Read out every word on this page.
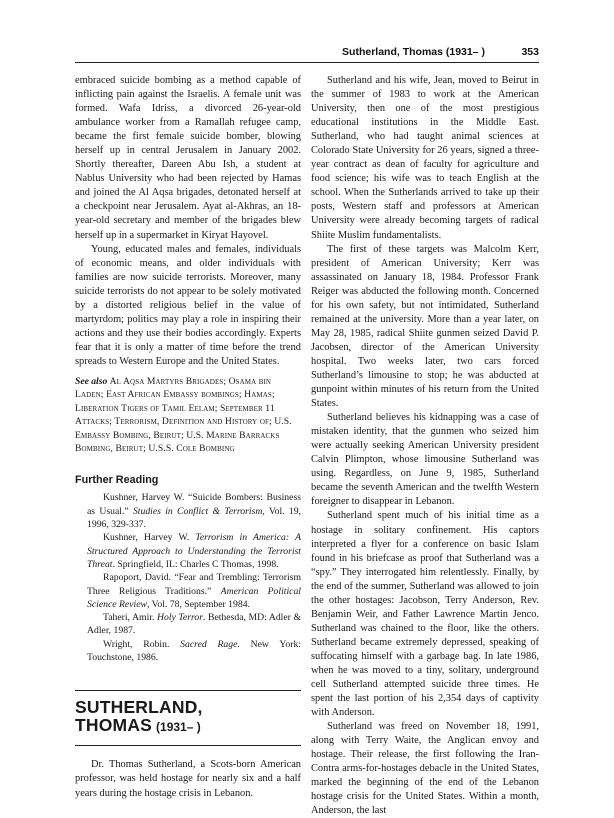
Sutherland, Thomas (1931– )	353

embraced suicide bombing as a method capable of inflicting pain against the Israelis. A female unit was formed. Wafa Idriss, a divorced 26-year-old ambulance worker from a Ramallah refugee camp, became the first female suicide bomber, blowing herself up in central Jerusalem in January 2002. Shortly thereafter, Dareen Abu Ish, a student at Nablus University who had been rejected by Hamas and joined the Al Aqsa brigades, detonated herself at a checkpoint near Jerusalem. Ayat al-Akhras, an 18-year-old secretary and member of the brigades blew herself up in a supermarket in Kiryat Hayovel.

Young, educated males and females, individuals of economic means, and older individuals with families are now suicide terrorists. Moreover, many suicide terrorists do not appear to be solely motivated by a distorted religious belief in the value of martyrdom; politics may play a role in inspiring their actions and they use their bodies accordingly. Experts fear that it is only a matter of time before the trend spreads to Western Europe and the United States.

See also Al Aqsa Martyrs Brigades; Osama bin Laden; East African Embassy bombings; Hamas; Liberation Tigers of Tamil Eelam; September 11 Attacks; Terrorism, Definition and History of; U.S. Embassy Bombing, Beirut; U.S. Marine Barracks Bombing, Beirut; U.S.S. Cole Bombing
Further Reading

Kushner, Harvey W. “Suicide Bombers: Business as Usual.” Studies in Conflict & Terrorism, Vol. 19, 1996, 329-337.

Kushner, Harvey W. Terrorism in America: A Structured Approach to Understanding the Terrorist Threat. Springfield, IL: Charles C Thomas, 1998.

Rapoport, David. “Fear and Trembling: Terrorism Three Religious Traditions.” American Political Science Review, Vol. 78, September 1984.

Taheri, Amir. Holy Terror. Bethesda, MD: Adler & Adler, 1987.

Wright, Robin. Sacred Rage. New York: Touchstone, 1986.

SUTHERLAND, THOMAS (1931– )

Dr. Thomas Sutherland, a Scots-born American professor, was held hostage for nearly six and a half years during the hostage crisis in Lebanon.

Sutherland and his wife, Jean, moved to Beirut in the summer of 1983 to work at the American University, then one of the most prestigious educational institutions in the Middle East. Sutherland, who had taught animal sciences at Colorado State University for 26 years, signed a three-year contract as dean of faculty for agriculture and food science; his wife was to teach English at the school. When the Sutherlands arrived to take up their posts, Western staff and professors at American University were already becoming targets of radical Shiite Muslim fundamentalists.

The first of these targets was Malcolm Kerr, president of American University; Kerr was assassinated on January 18, 1984. Professor Frank Reiger was abducted the following month. Concerned for his own safety, but not intimidated, Sutherland remained at the university. More than a year later, on May 28, 1985, radical Shiite gunmen seized David P. Jacobsen, director of the American University hospital. Two weeks later, two cars forced Sutherland’s limousine to stop; he was abducted at gunpoint within minutes of his return from the United States.

Sutherland believes his kidnapping was a case of mistaken identity, that the gunmen who seized him were actually seeking American University president Calvin Plimpton, whose limousine Sutherland was using. Regardless, on June 9, 1985, Sutherland became the seventh American and the twelfth Western foreigner to disappear in Lebanon.

Sutherland spent much of his initial time as a hostage in solitary confinement. His captors interpreted a flyer for a conference on basic Islam found in his briefcase as proof that Sutherland was a “spy.” They interrogated him relentlessly. Finally, by the end of the summer, Sutherland was allowed to join the other hostages: Jacobson, Terry Anderson, Rev. Benjamin Weir, and Father Lawrence Martin Jenco. Sutherland was chained to the floor, like the others. Sutherland became extremely depressed, speaking of suffocating himself with a garbage bag. In late 1986, when he was moved to a tiny, solitary, underground cell Sutherland attempted suicide three times. He spent the last portion of his 2,354 days of captivity with Anderson.

Sutherland was freed on November 18, 1991, along with Terry Waite, the Anglican envoy and hostage. Their release, the first following the Iran-Contra arms-for-hostages debacle in the United States, marked the beginning of the end of the Lebanon hostage crisis for the United States. Within a month, Anderson, the last
